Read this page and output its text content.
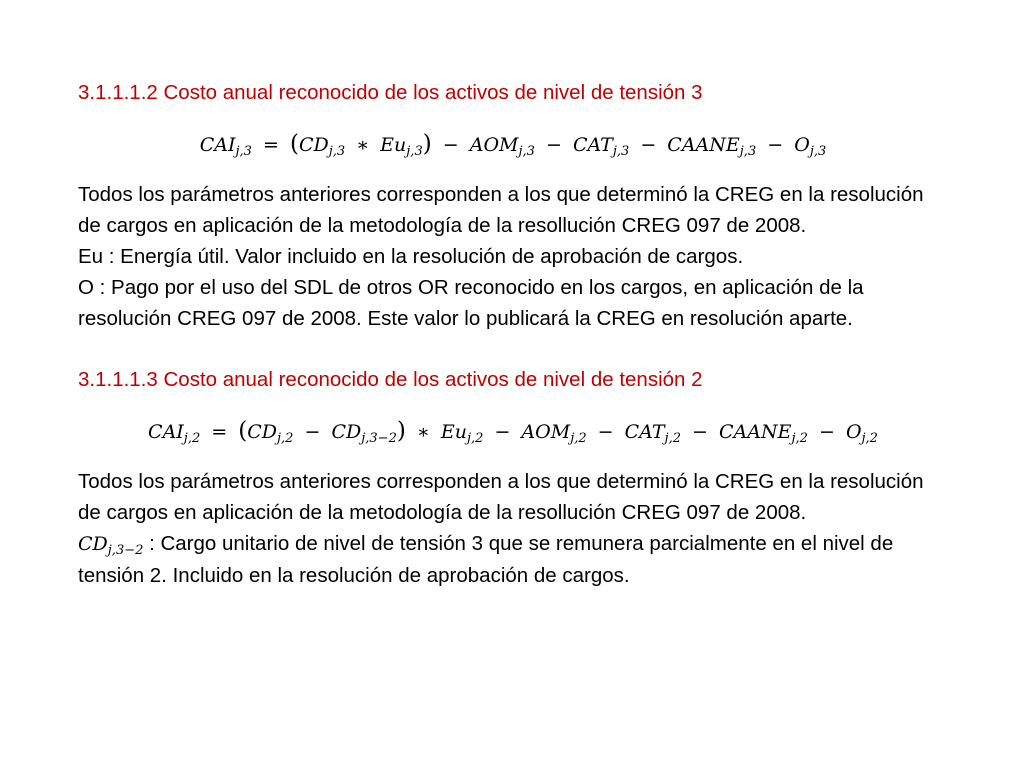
3.1.1.1.2 Costo anual reconocido de los activos de nivel de tensión 3

$CAI_{j,3} = (CD_{j,3}$ ∗ $Eu_{j,3}) - AOM_{j,3} - CAT_{j,3}$ − $CAANE_{j,3} - O_{j,3}$

Todos los parámetros anteriores corresponden a los que determinó la CREG en la resolución de cargos en aplicación de la metodología de la resollución CREG 097 de 2008.

Eu : Energía útil. Valor incluido en la resolución de aprobación de cargos.

O : Pago por el uso del SDL de otros OR reconocido en los cargos, en aplicación de la resolución CREG 097 de 2008. Este valor lo publicará la CREG en resolución aparte.

3.1.1.1.3 Costo anual reconocido de los activos de nivel de tensión 2

$CAI_{j,2} = (CD_{j,2} - CD_{j,3-2})$ ∗ $Eu_{j,2} - AOM_{j,2} - CAT_{j,2}$ − $CAANE_{j,2} - O_{j,2}$

Todos los parámetros anteriores corresponden a los que determinó la CREG en la resolución de cargos en aplicación de la metodología de la resollución CREG 097 de 2008.

$CD_{j,3-2}$ : Cargo unitario de nivel de tensión 3 que se remunera parcialmente en el nivel de tensión 2. Incluido en la resolución de aprobación de cargos.
